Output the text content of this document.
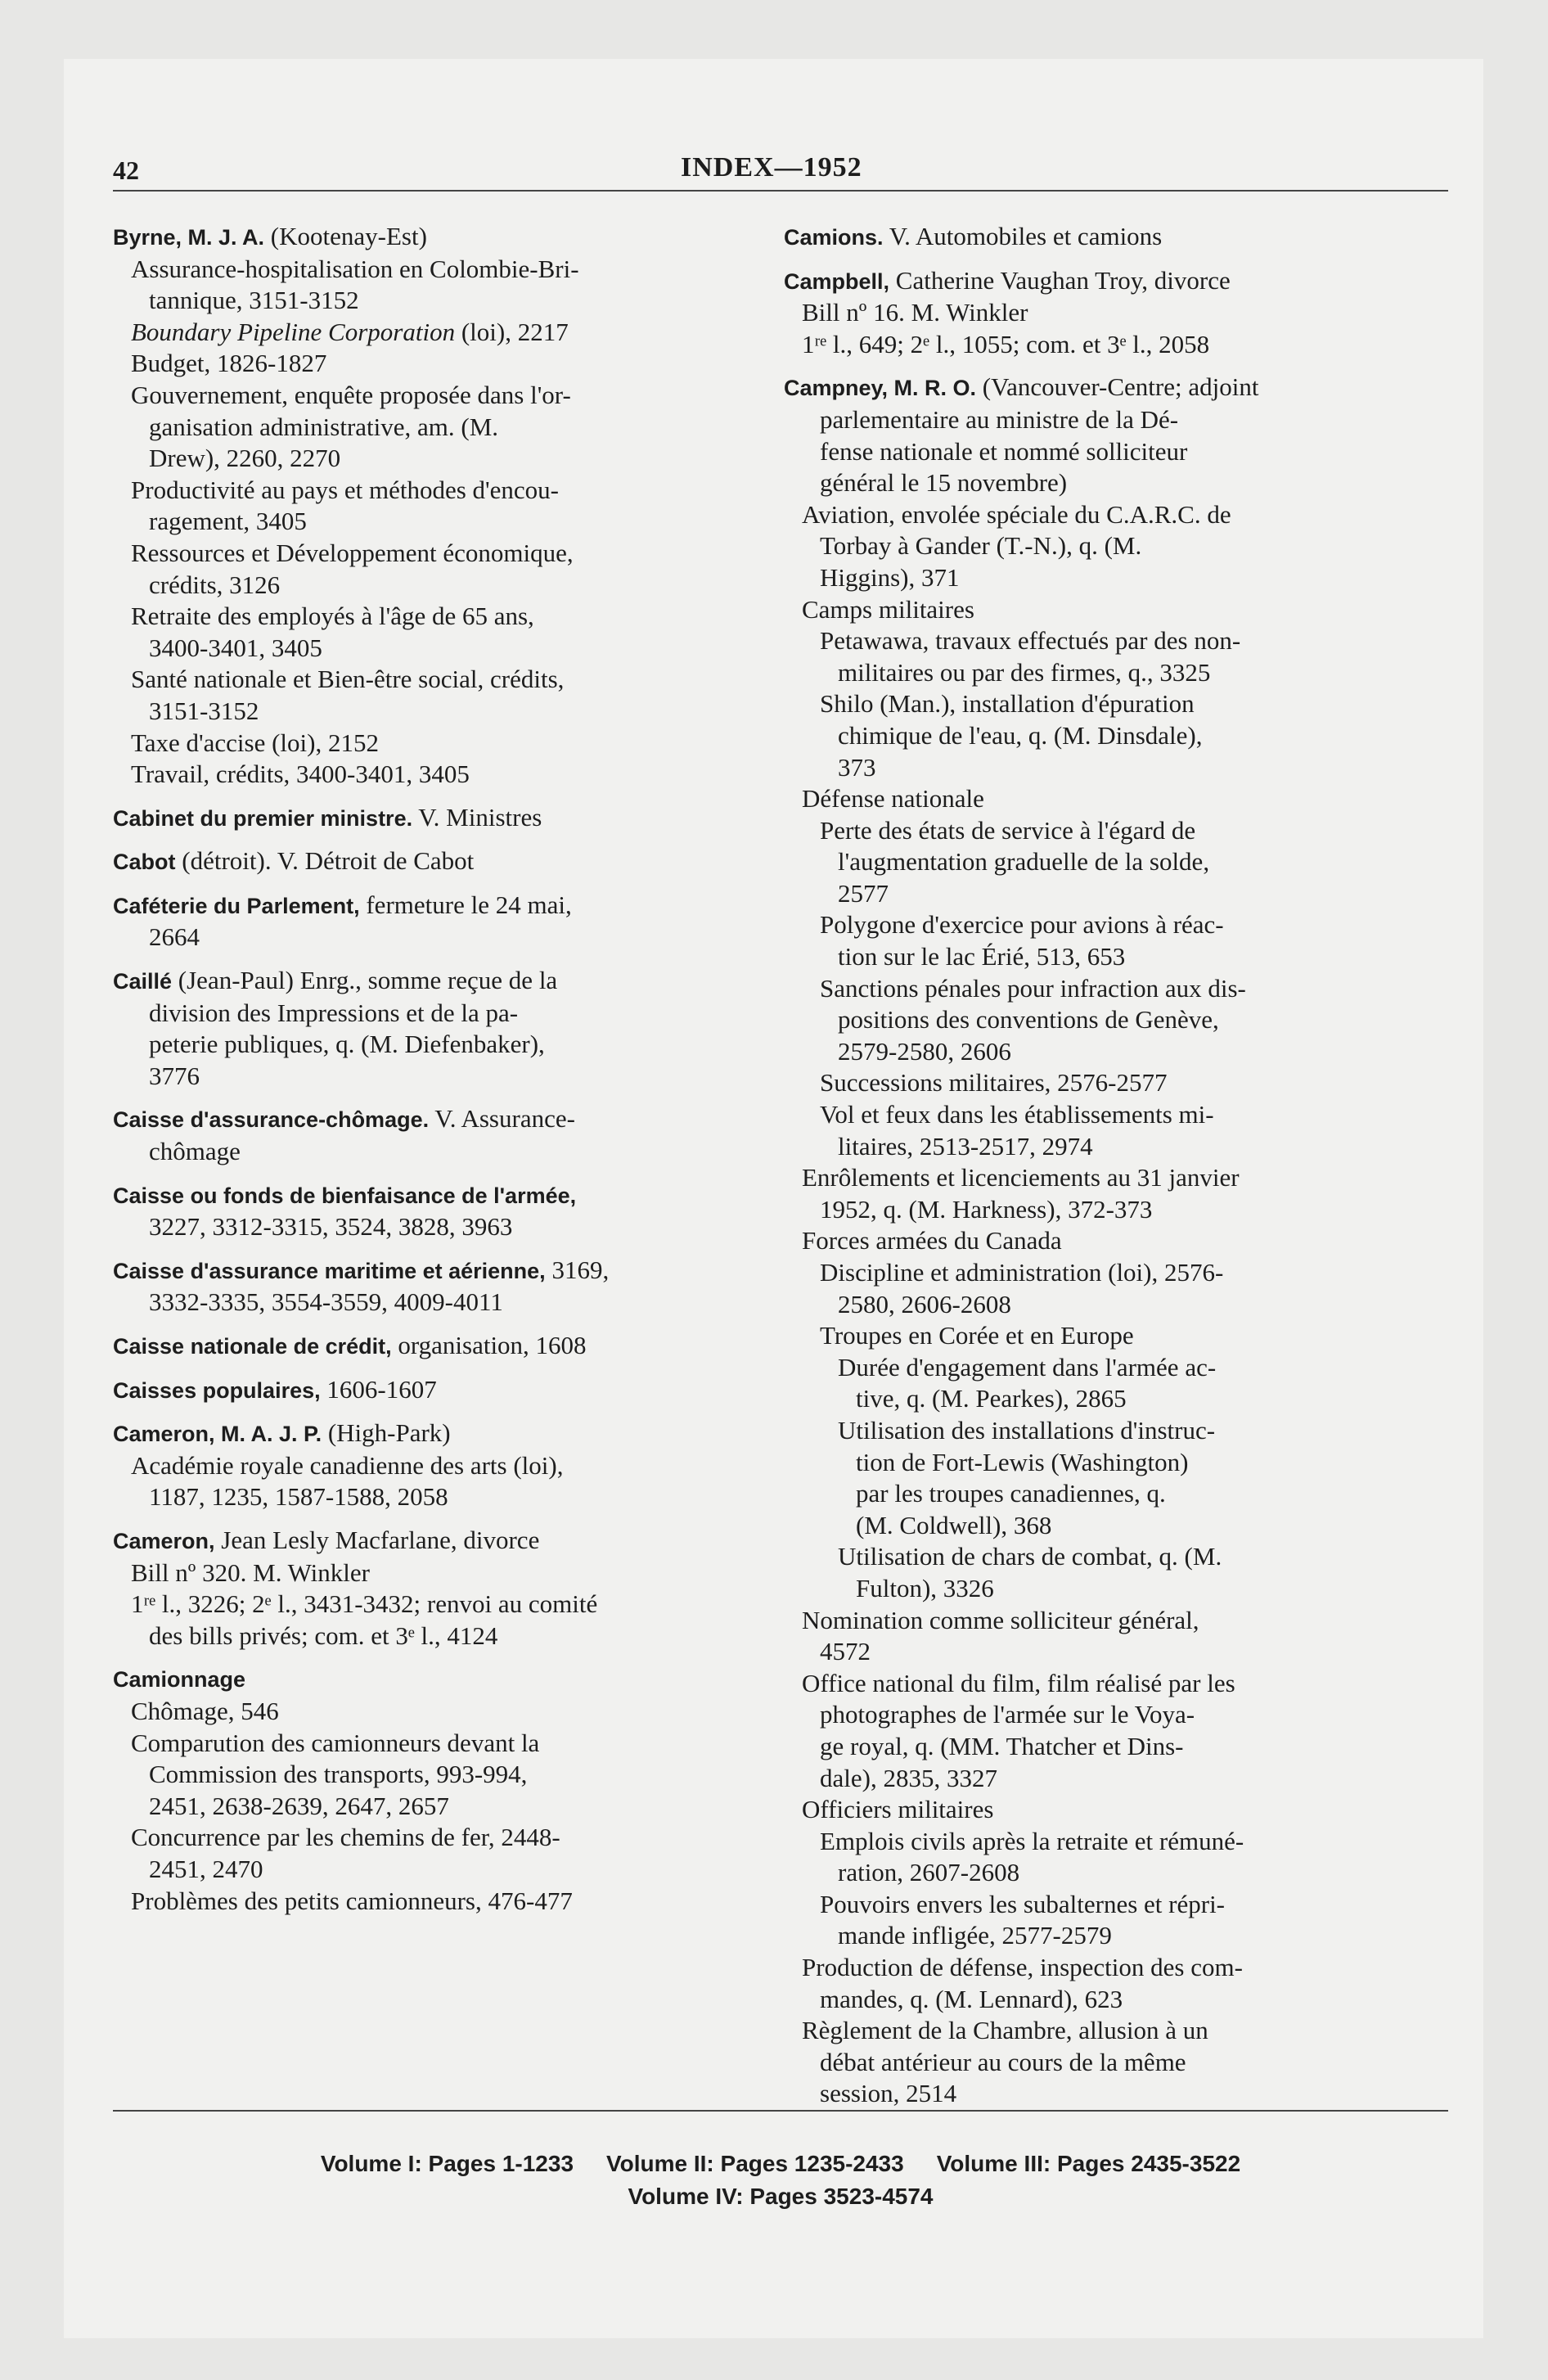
42	INDEX—1952
Byrne, M. J. A. (Kootenay-Est)
Assurance-hospitalisation en Colombie-Bri-
tannique, 3151-3152
Boundary Pipeline Corporation (loi), 2217
Budget, 1826-1827
Gouvernement, enquête proposée dans l'or-
ganisation administrative, am. (M.
Drew), 2260, 2270
Productivité au pays et méthodes d'encou-
ragement, 3405
Ressources et Développement économique,
crédits, 3126
Retraite des employés à l'âge de 65 ans,
3400-3401, 3405
Santé nationale et Bien-être social, crédits,
3151-3152
Taxe d'accise (loi), 2152
Travail, crédits, 3400-3401, 3405
Cabinet du premier ministre. V. Ministres
Cabot (détroit). V. Détroit de Cabot
Caféterie du Parlement, fermeture le 24 mai,
2664
Caillé (Jean-Paul) Enrg., somme reçue de la
division des Impressions et de la pa-
peterie publiques, q. (M. Diefenbaker),
3776
Caisse d'assurance-chômage. V. Assurance-
chômage
Caisse ou fonds de bienfaisance de l'armée,
3227, 3312-3315, 3524, 3828, 3963
Caisse d'assurance maritime et aérienne, 3169,
3332-3335, 3554-3559, 4009-4011
Caisse nationale de crédit, organisation, 1608
Caisses populaires, 1606-1607
Cameron, M. A. J. P. (High-Park)
Académie royale canadienne des arts (loi),
1187, 1235, 1587-1588, 2058
Cameron, Jean Lesly Macfarlane, divorce
Bill nº 320. M. Winkler
1ʳᵉ l., 3226; 2ᵉ l., 3431-3432; renvoi au comité
des bills privés; com. et 3ᵉ l., 4124
Camionnage
Chômage, 546
Comparution des camionneurs devant la
Commission des transports, 993-994,
2451, 2638-2639, 2647, 2657
Concurrence par les chemins de fer, 2448-
2451, 2470
Problèmes des petits camionneurs, 476-477
Camions. V. Automobiles et camions
Campbell, Catherine Vaughan Troy, divorce
Bill nº 16. M. Winkler
1ʳᵉ l., 649; 2ᵉ l., 1055; com. et 3ᵉ l., 2058
Campney, M. R. O. (Vancouver-Centre; adjoint
parlementaire au ministre de la Dé-
fense nationale et nommé solliciteur
général le 15 novembre)
Aviation, envolée spéciale du C.A.R.C. de
Torbay à Gander (T.-N.), q. (M.
Higgins), 371
Camps militaires
Petawawa, travaux effectués par des non-
militaires ou par des firmes, q., 3325
Shilo (Man.), installation d'épuration
chimique de l'eau, q. (M. Dinsdale),
373
Défense nationale
Perte des états de service à l'égard de
l'augmentation graduelle de la solde,
2577
Polygone d'exercice pour avions à réac-
tion sur le lac Érié, 513, 653
Sanctions pénales pour infraction aux dis-
positions des conventions de Genève,
2579-2580, 2606
Successions militaires, 2576-2577
Vol et feux dans les établissements mi-
litaires, 2513-2517, 2974
Enrôlements et licenciements au 31 janvier
1952, q. (M. Harkness), 372-373
Forces armées du Canada
Discipline et administration (loi), 2576-
2580, 2606-2608
Troupes en Corée et en Europe
Durée d'engagement dans l'armée ac-
tive, q. (M. Pearkes), 2865
Utilisation des installations d'instruc-
tion de Fort-Lewis (Washington)
par les troupes canadiennes, q.
(M. Coldwell), 368
Utilisation de chars de combat, q. (M.
Fulton), 3326
Nomination comme solliciteur général,
4572
Office national du film, film réalisé par les
photographes de l'armée sur le Voya-
ge royal, q. (MM. Thatcher et Dins-
dale), 2835, 3327
Officiers militaires
Emplois civils après la retraite et rémuné-
ration, 2607-2608
Pouvoirs envers les subalternes et répri-
mande infligée, 2577-2579
Production de défense, inspection des com-
mandes, q. (M. Lennard), 623
Règlement de la Chambre, allusion à un
débat antérieur au cours de la même
session, 2514
Volume I: Pages 1-1233 Volume II: Pages 1235-2433 Volume III: Pages 2435-3522
Volume IV: Pages 3523-4574
